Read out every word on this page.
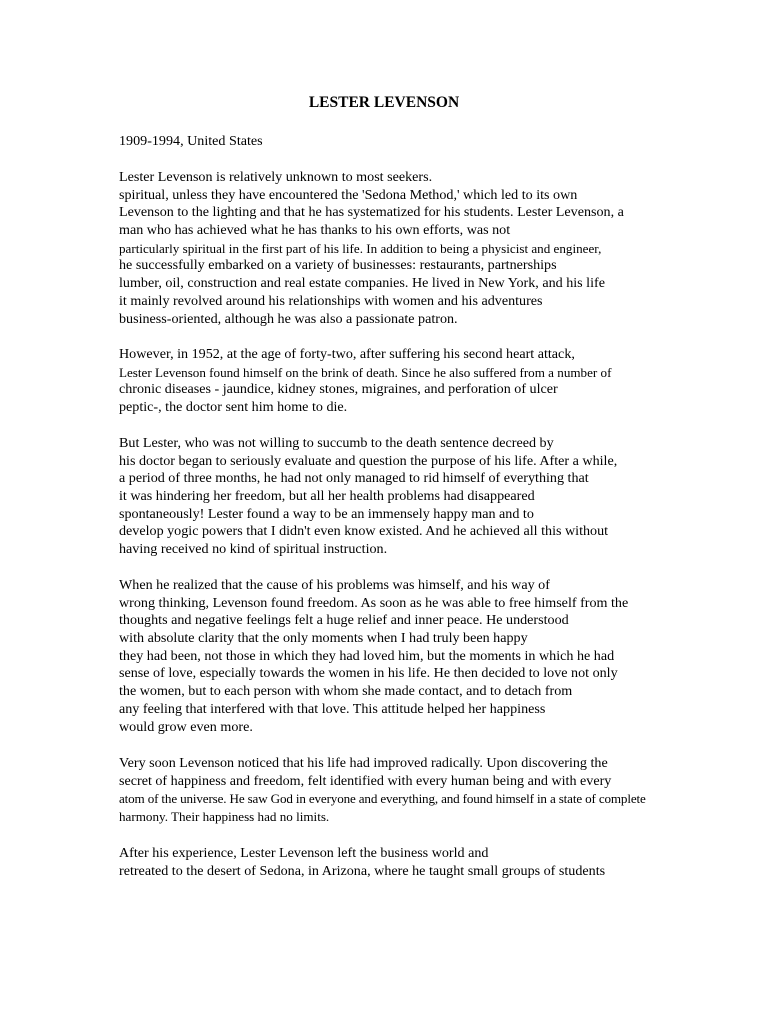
LESTER LEVENSON
1909-1994, United States
Lester Levenson is relatively unknown to most seekers.
spiritual, unless they have encountered the 'Sedona Method,' which led to its own
Levenson to the lighting and that he has systematized for his students. Lester Levenson, a
man who has achieved what he has thanks to his own efforts, was not
particularly spiritual in the first part of his life. In addition to being a physicist and engineer,
he successfully embarked on a variety of businesses: restaurants, partnerships
lumber, oil, construction and real estate companies. He lived in New York, and his life
it mainly revolved around his relationships with women and his adventures
business-oriented, although he was also a passionate patron.
However, in 1952, at the age of forty-two, after suffering his second heart attack,
Lester Levenson found himself on the brink of death. Since he also suffered from a number of
chronic diseases - jaundice, kidney stones, migraines, and perforation of ulcer
peptic-, the doctor sent him home to die.
But Lester, who was not willing to succumb to the death sentence decreed by
his doctor began to seriously evaluate and question the purpose of his life. After a while,
a period of three months, he had not only managed to rid himself of everything that
it was hindering her freedom, but all her health problems had disappeared
spontaneously! Lester found a way to be an immensely happy man and to
develop yogic powers that I didn't even know existed. And he achieved all this without
having received no kind of spiritual instruction.
When he realized that the cause of his problems was himself, and his way of
wrong thinking, Levenson found freedom. As soon as he was able to free himself from the
thoughts and negative feelings felt a huge relief and inner peace. He understood
with absolute clarity that the only moments when I had truly been happy
they had been, not those in which they had loved him, but the moments in which he had
sense of love, especially towards the women in his life. He then decided to love not only
the women, but to each person with whom she made contact, and to detach from
any feeling that interfered with that love. This attitude helped her happiness
would grow even more.
Very soon Levenson noticed that his life had improved radically. Upon discovering the
secret of happiness and freedom, felt identified with every human being and with every
atom of the universe. He saw God in everyone and everything, and found himself in a state of complete
harmony. Their happiness had no limits.
After his experience, Lester Levenson left the business world and
retreated to the desert of Sedona, in Arizona, where he taught small groups of students
